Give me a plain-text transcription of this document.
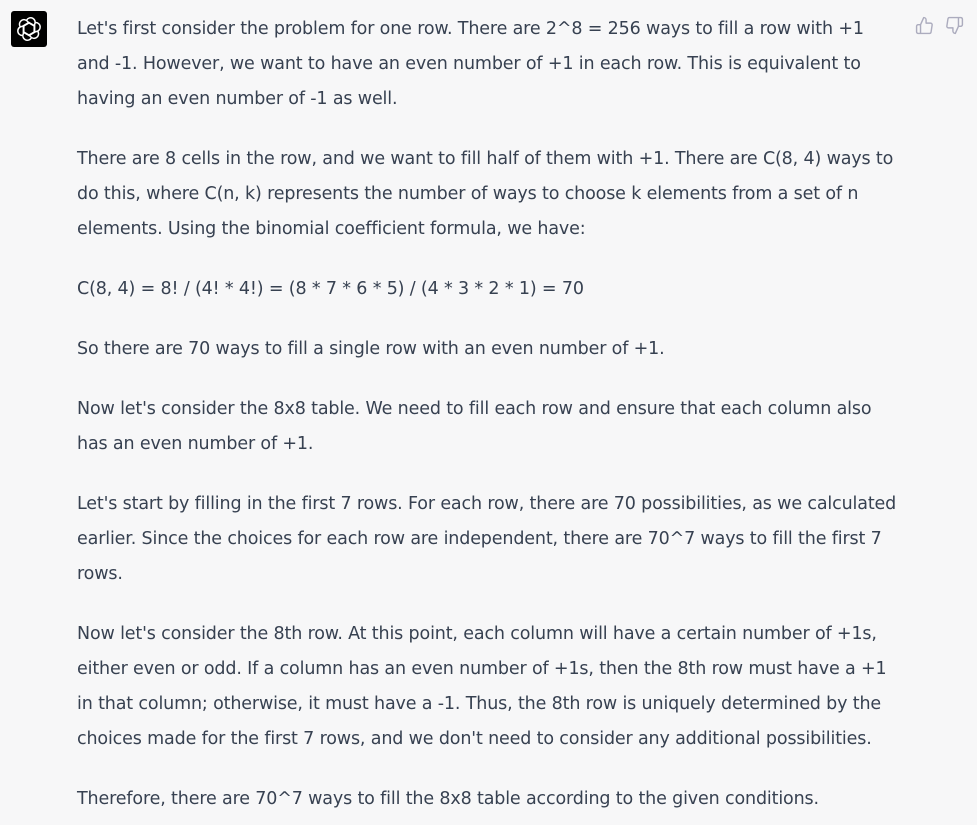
Let's first consider the problem for one row. There are 2^8 = 256 ways to fill a row with +1 and -1. However, we want to have an even number of +1 in each row. This is equivalent to having an even number of -1 as well.

There are 8 cells in the row, and we want to fill half of them with +1. There are C(8, 4) ways to do this, where C(n, k) represents the number of ways to choose k elements from a set of n elements. Using the binomial coefficient formula, we have:

C(8, 4) = 8! / (4! * 4!) = (8 * 7 * 6 * 5) / (4 * 3 * 2 * 1) = 70

So there are 70 ways to fill a single row with an even number of +1.

Now let's consider the 8x8 table. We need to fill each row and ensure that each column also has an even number of +1.

Let's start by filling in the first 7 rows. For each row, there are 70 possibilities, as we calculated earlier. Since the choices for each row are independent, there are 70^7 ways to fill the first 7 rows.

Now let's consider the 8th row. At this point, each column will have a certain number of +1s, either even or odd. If a column has an even number of +1s, then the 8th row must have a +1 in that column; otherwise, it must have a -1. Thus, the 8th row is uniquely determined by the choices made for the first 7 rows, and we don't need to consider any additional possibilities.

Therefore, there are 70^7 ways to fill the 8x8 table according to the given conditions.
